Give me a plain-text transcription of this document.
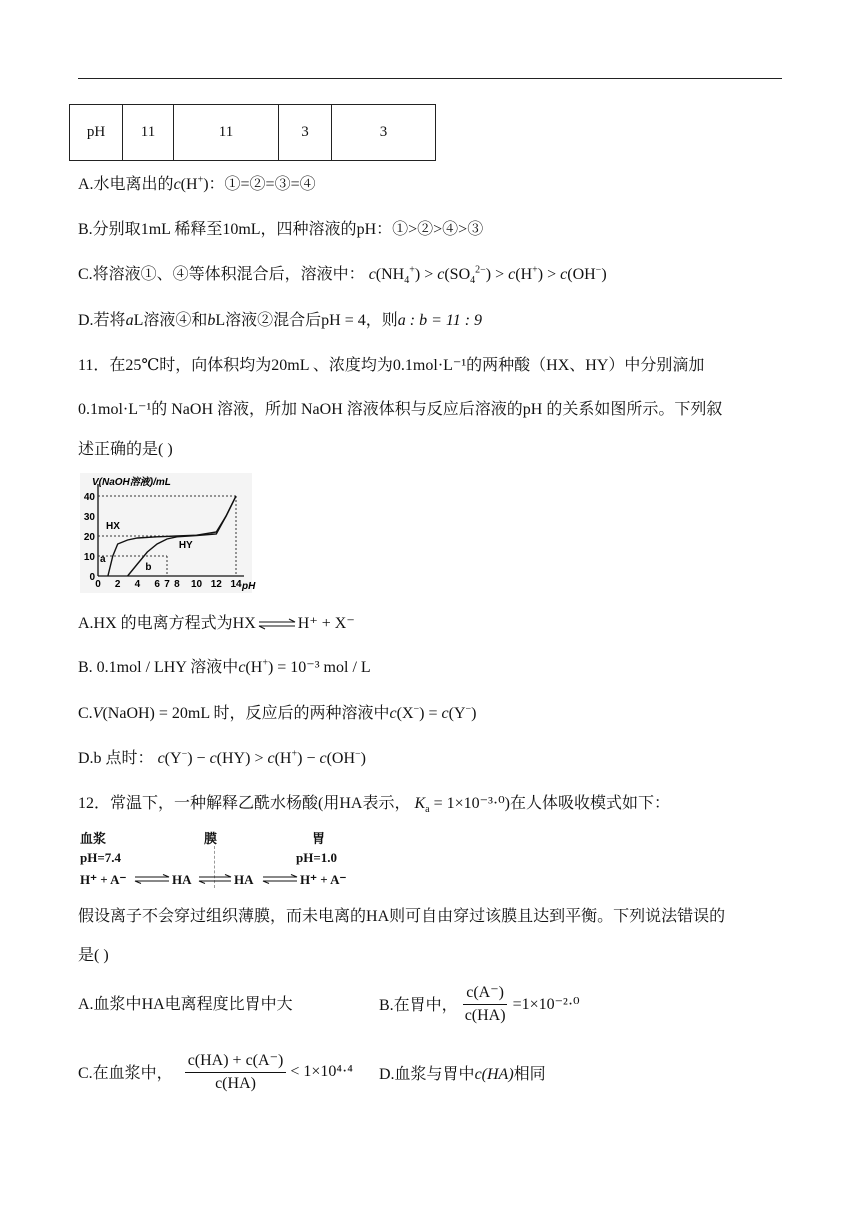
pH	11	11	3	3
A.水电离出的c(H+)：①=②=③=④
B.分别取1mL 稀释至10mL，四种溶液的pH：①>②>④>③
C.将溶液①、④等体积混合后，溶液中： $c(NH_4^+) > c(SO_4^{2-}) > c(H^+) > c(OH^-)$
D.若将aL溶液④和bL溶液②混合后pH = 4，则a : b = 11 : 9
11．在25℃时，向体积均为20mL 、浓度均为0.1mol·L⁻¹的两种酸（HX、HY）中分别滴加
0.1mol·L⁻¹的 NaOH 溶液，所加 NaOH 溶液体积与反应后溶液的pH 的关系如图所示。下列叙
述正确的是( )
V(NaOH溶液)/mL
pH
0
10
20
30
40
0 2 4 6 7 8 10 12 14
HX
HY
a
b
A.HX 的电离方程式为HX ⇌ H⁺ + X⁻
B. 0.1mol / LHY 溶液中c(H+) = 10⁻³ mol / L
C.V(NaOH) = 20mL 时，反应后的两种溶液中c(X−) = c(Y−)
D.b 点时： c(Y−) − c(HY) > c(H+) − c(OH−)
12．常温下，一种解释乙酰水杨酸(用HA表示， $K_a = 1\times 10^{-3}\cdot^0$)在人体吸收模式如下：
血浆	膜	胃
pH=7.4	pH=1.0
H⁺ + A⁻ ⇌ HA ⇌ HA ⇌ H⁺ + A⁻
假设离子不会穿过组织薄膜，而未电离的HA则可自由穿过该膜且达到平衡。下列说法错误的
是( )
A.血浆中HA电离程度比胃中大	B.在胃中， $\frac{c(A^-)}{c(HA)} =1\times 10^{-2}\cdot^0$
C.在血浆中， $\frac{c(HA) + c(A^-)}{c(HA)} < 1\times 10^4\cdot^4$ D.血浆与胃中c(HA)相同
